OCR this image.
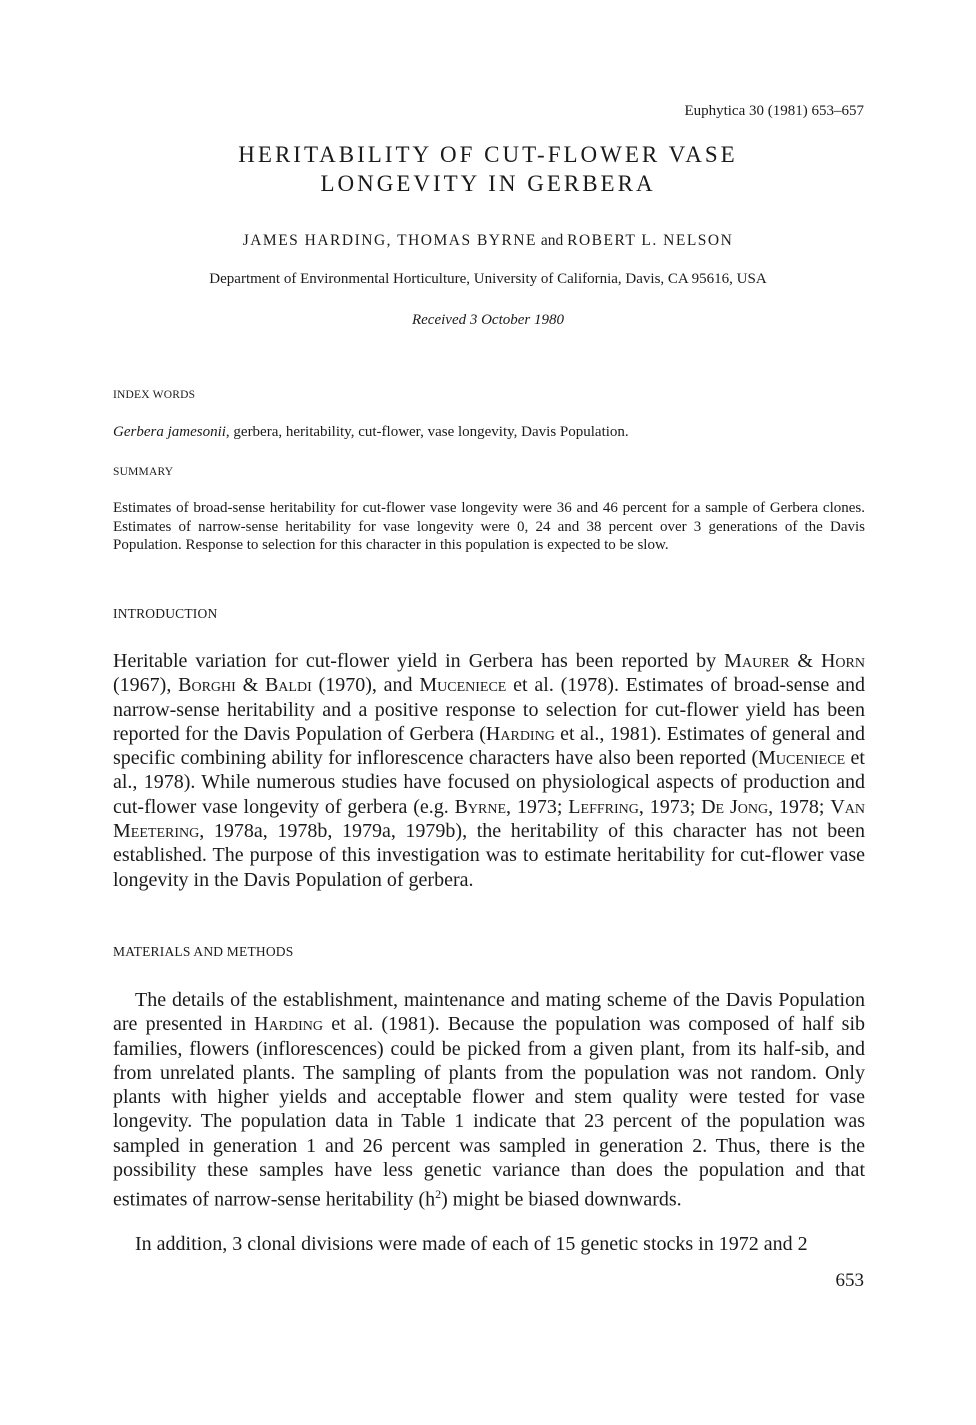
Euphytica 30 (1981) 653–657
HERITABILITY OF CUT-FLOWER VASE
LONGEVITY IN GERBERA
JAMES HARDING, THOMAS BYRNE and ROBERT L. NELSON
Department of Environmental Horticulture, University of California, Davis, CA 95616, USA
Received 3 October 1980
INDEX WORDS
Gerbera jamesonii, gerbera, heritability, cut-flower, vase longevity, Davis Population.
SUMMARY
Estimates of broad-sense heritability for cut-flower vase longevity were 36 and 46 percent for a sample of Gerbera clones. Estimates of narrow-sense heritability for vase longevity were 0, 24 and 38 percent over 3 generations of the Davis Population. Response to selection for this character in this population is expected to be slow.
INTRODUCTION
Heritable variation for cut-flower yield in Gerbera has been reported by Maurer & Horn (1967), Borghi & Baldi (1970), and Muceniece et al. (1978). Estimates of broad-sense and narrow-sense heritability and a positive response to selection for cut-flower yield has been reported for the Davis Population of Gerbera (Harding et al., 1981). Estimates of general and specific combining ability for inflorescence characters have also been reported (Muceniece et al., 1978). While numerous studies have focused on physiological aspects of production and cut-flower vase longevity of gerbera (e.g. Byrne, 1973; Leffring, 1973; De Jong, 1978; Van Meetering, 1978a, 1978b, 1979a, 1979b), the heritability of this character has not been established. The purpose of this investigation was to estimate heritability for cut-flower vase longevity in the Davis Population of gerbera.
MATERIALS AND METHODS
The details of the establishment, maintenance and mating scheme of the Davis Population are presented in Harding et al. (1981). Because the population was composed of half sib families, flowers (inflorescences) could be picked from a given plant, from its half-sib, and from unrelated plants. The sampling of plants from the population was not random. Only plants with higher yields and acceptable flower and stem quality were tested for vase longevity. The population data in Table 1 indicate that 23 percent of the population was sampled in generation 1 and 26 percent was sampled in generation 2. Thus, there is the possibility these samples have less genetic variance than does the population and that estimates of narrow-sense heritability $(h^2)$ might be biased downwards.
In addition, 3 clonal divisions were made of each of 15 genetic stocks in 1972 and 2
653
